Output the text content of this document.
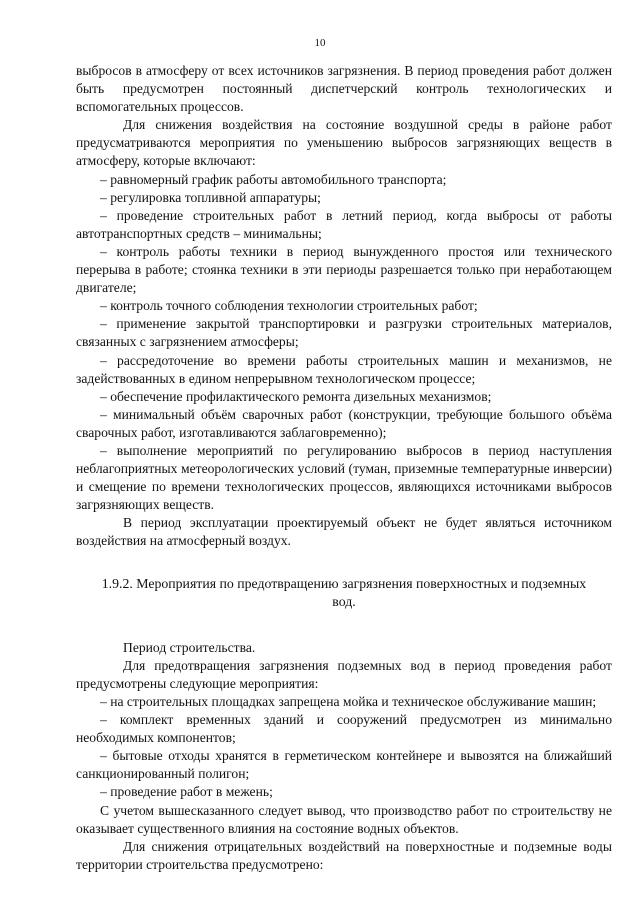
10

выбросов в атмосферу от всех источников загрязнения. В период проведения работ должен быть предусмотрен постоянный диспетчерский контроль технологических и вспомогательных процессов.

Для снижения воздействия на состояние воздушной среды в районе работ предусматриваются мероприятия по уменьшению выбросов загрязняющих веществ в атмосферу, которые включают:

– равномерный график работы автомобильного транспорта;

– регулировка топливной аппаратуры;

– проведение строительных работ в летний период, когда выбросы от работы автотранспортных средств – минимальны;

– контроль работы техники в период вынужденного простоя или технического перерыва в работе; стоянка техники в эти периоды разрешается только при неработающем двигателе;

– контроль точного соблюдения технологии строительных работ;

– применение закрытой транспортировки и разгрузки строительных материалов, связанных с загрязнением атмосферы;

– рассредоточение во времени работы строительных машин и механизмов, не задействованных в едином непрерывном технологическом процессе;

– обеспечение профилактического ремонта дизельных механизмов;

– минимальный объём сварочных работ (конструкции, требующие большого объёма сварочных работ, изготавливаются заблаговременно);

– выполнение мероприятий по регулированию выбросов в период наступления неблагоприятных метеорологических условий (туман, приземные температурные инверсии) и смещение по времени технологических процессов, являющихся источниками выбросов загрязняющих веществ.

В период эксплуатации проектируемый объект не будет являться источником воздействия на атмосферный воздух.

1.9.2. Мероприятия по предотвращению загрязнения поверхностных и подземных вод.

Период строительства.

Для предотвращения загрязнения подземных вод в период проведения работ предусмотрены следующие мероприятия:

– на строительных площадках запрещена мойка и техническое обслуживание машин;

– комплект временных зданий и сооружений предусмотрен из минимально необходимых компонентов;

– бытовые отходы хранятся в герметическом контейнере и вывозятся на ближайший санкционированный полигон;

– проведение работ в межень;

С учетом вышесказанного следует вывод, что производство работ по строительству не оказывает существенного влияния на состояние водных объектов.

Для снижения отрицательных воздействий на поверхностные и подземные воды территории строительства предусмотрено:
